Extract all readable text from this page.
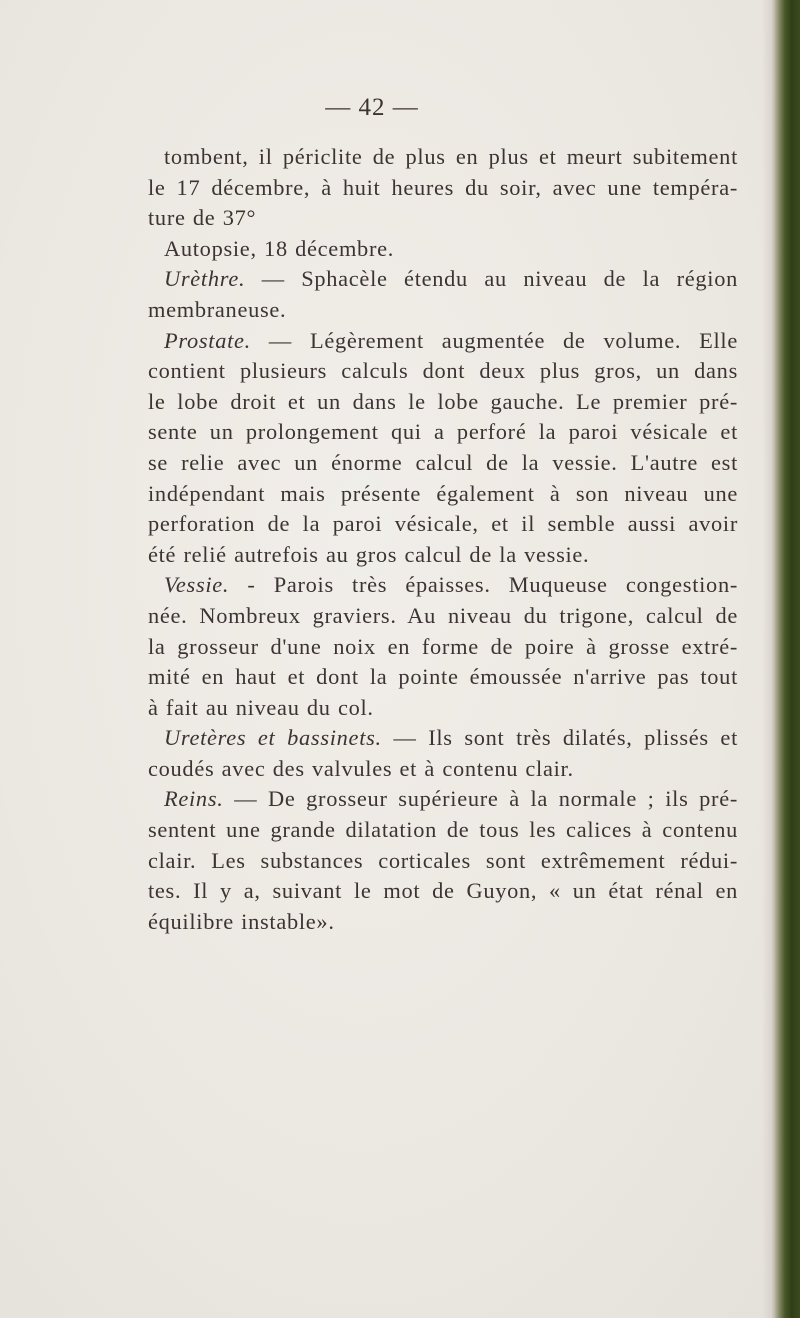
— 42 —

tombent, il périclite de plus en plus et meurt subitement
le 17 décembre, à huit heures du soir, avec une tempéra-
ture de 37°

Autopsie, 18 décembre.

Urèthre. — Sphacèle étendu au niveau de la région
membraneuse.

Prostate. — Légèrement augmentée de volume. Elle
contient plusieurs calculs dont deux plus gros, un dans
le lobe droit et un dans le lobe gauche. Le premier pré-
sente un prolongement qui a perforé la paroi vésicale et
se relie avec un énorme calcul de la vessie. L'autre est
indépendant mais présente également à son niveau une
perforation de la paroi vésicale, et il semble aussi avoir
été relié autrefois au gros calcul de la vessie.

Vessie. - Parois très épaisses. Muqueuse congestion-
née. Nombreux graviers. Au niveau du trigone, calcul de
la grosseur d'une noix en forme de poire à grosse extré-
mité en haut et dont la pointe émoussée n'arrive pas tout
à fait au niveau du col.

Uretères et bassinets. — Ils sont très dilatés, plissés et
coudés avec des valvules et à contenu clair.

Reins. — De grosseur supérieure à la normale ; ils pré-
sentent une grande dilatation de tous les calices à contenu
clair. Les substances corticales sont extrêmement rédui-
tes. Il y a, suivant le mot de Guyon, « un état rénal en
équilibre instable».
